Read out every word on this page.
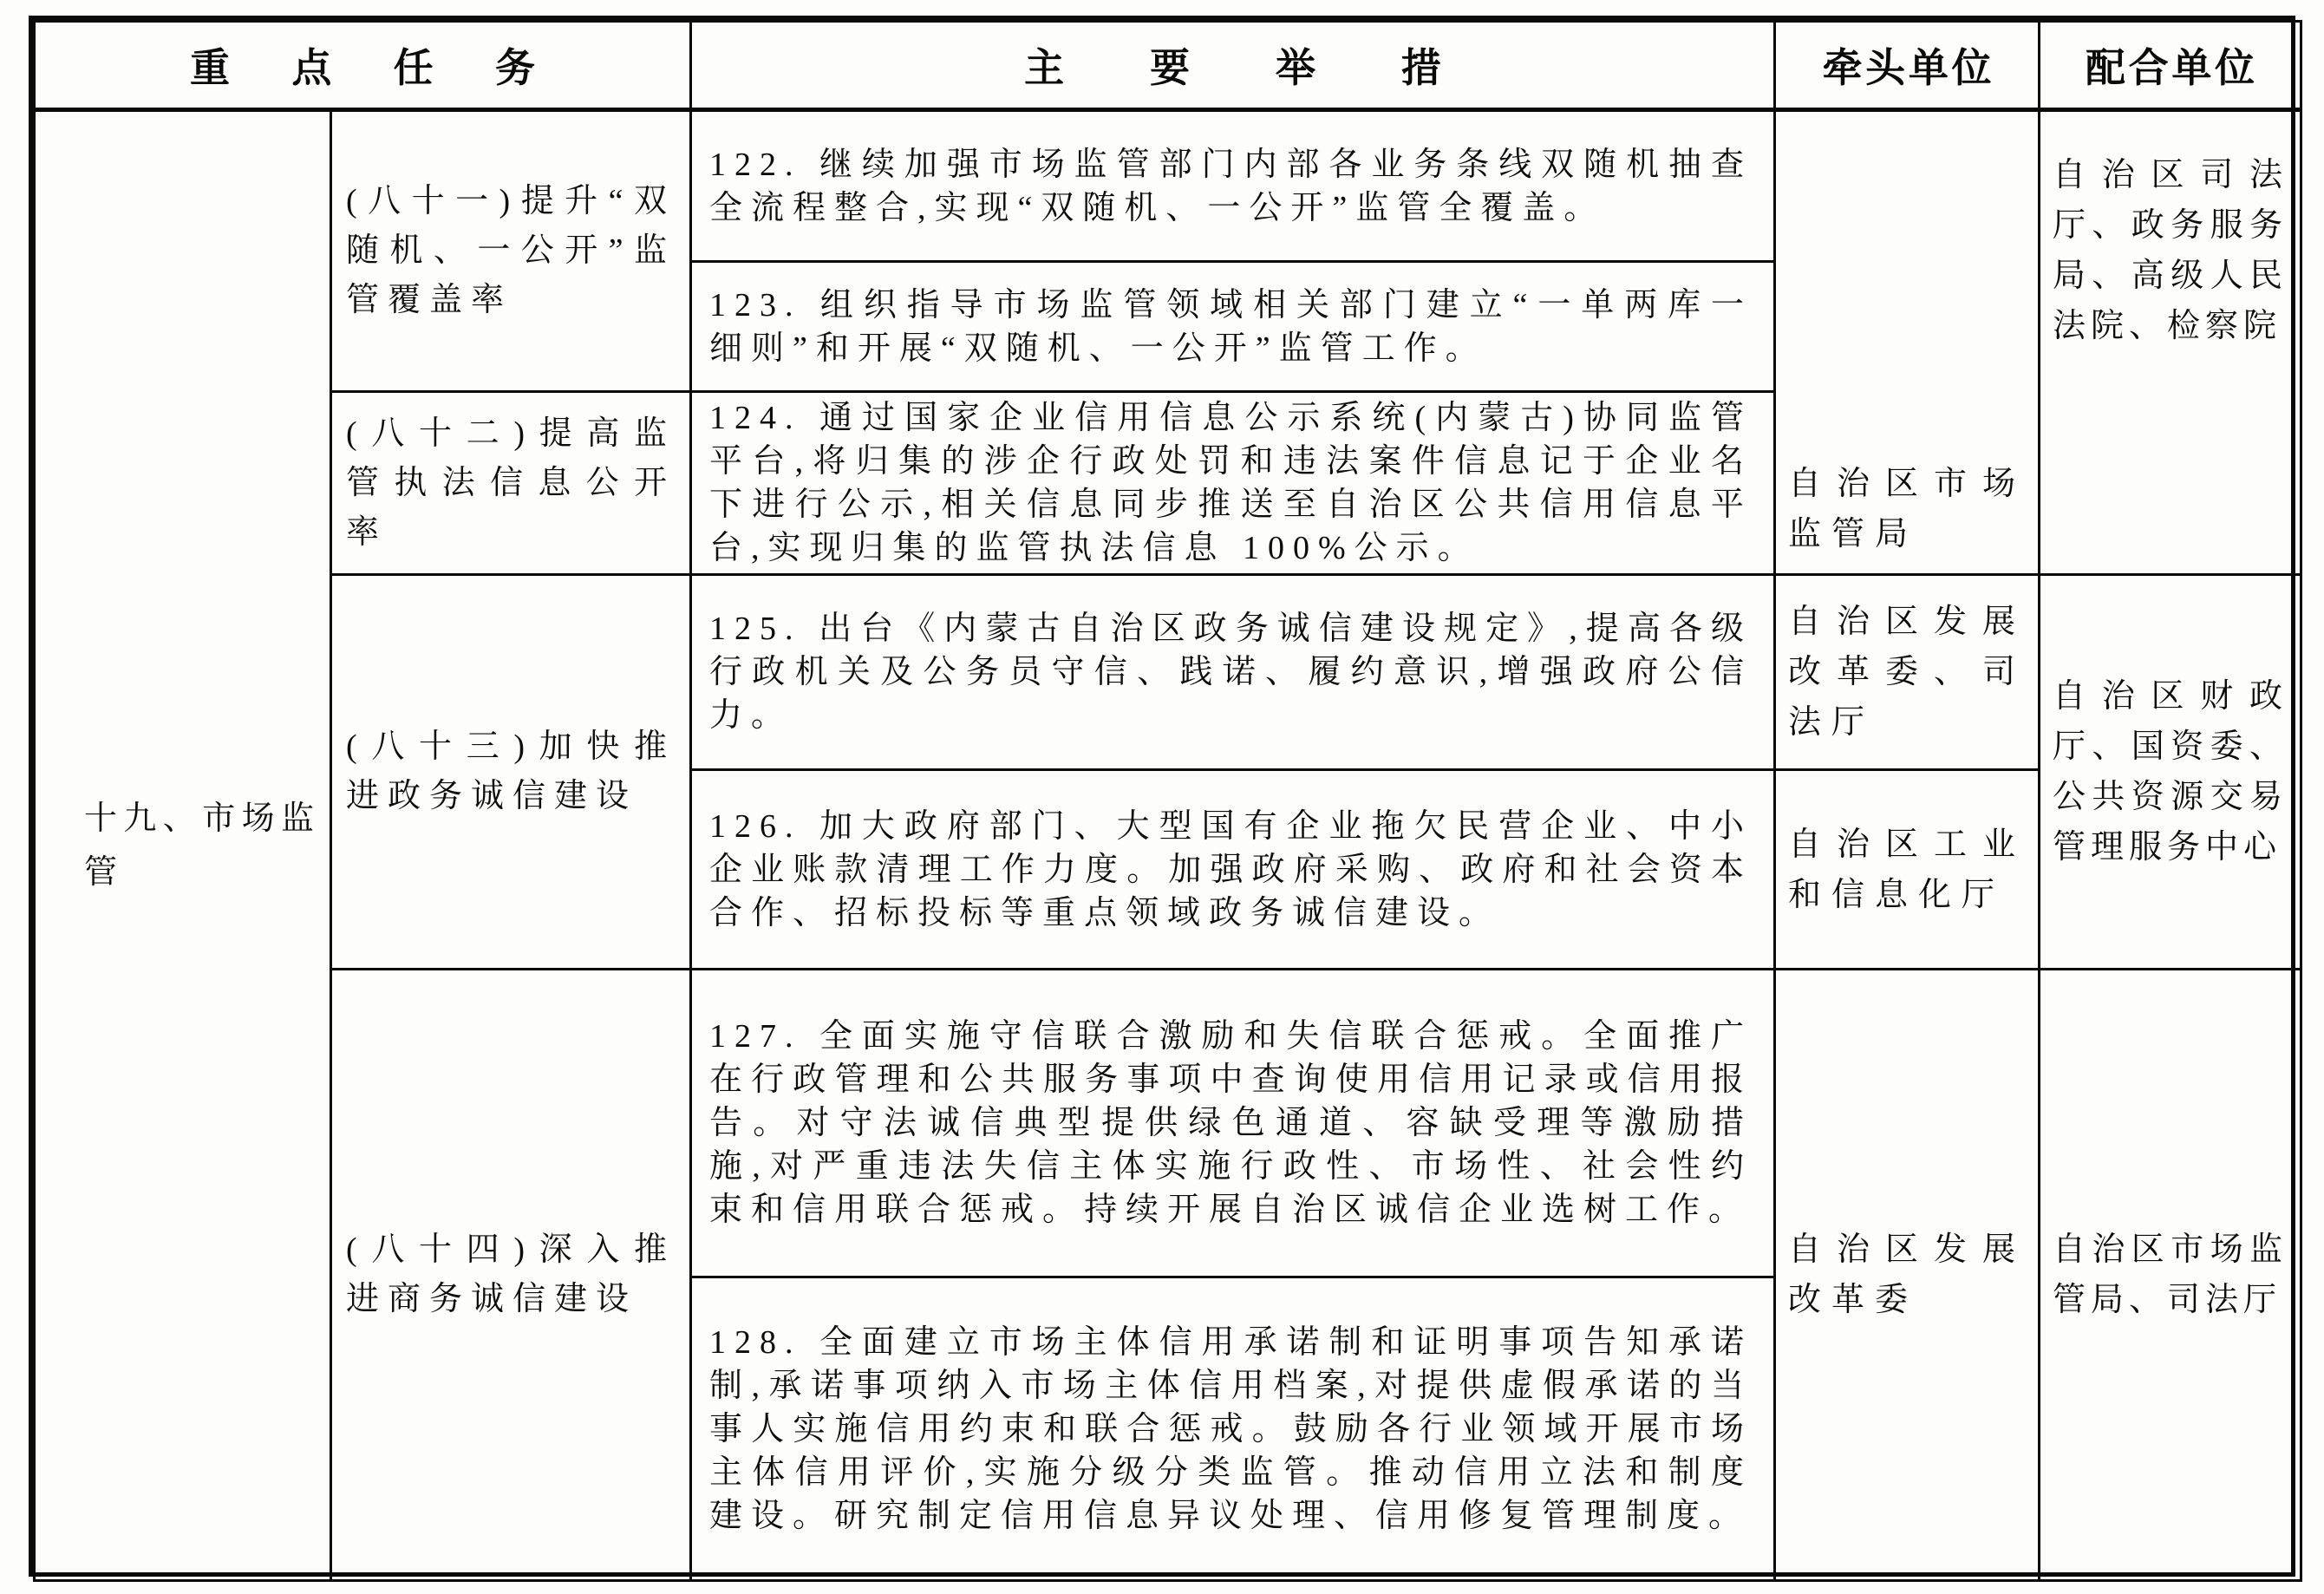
重点任务		主要举措	牵头单位	配合单位
十九、市场监管	(八十一)提升“双随机、一公开”监管覆盖率	122. 继续加强市场监管部门内部各业务条线双随机抽查全流程整合,实现“双随机、一公开”监管全覆盖。	自治区市场监管局	自治区司法厅、政务服务局、高级人民法院、检察院
		123. 组织指导市场监管领域相关部门建立“一单两库一细则”和开展“双随机、一公开”监管工作。		
	(八十二)提高监管执法信息公开率	124. 通过国家企业信用信息公示系统(内蒙古)协同监管平台,将归集的涉企行政处罚和违法案件信息记于企业名下进行公示,相关信息同步推送至自治区公共信用信息平台,实现归集的监管执法信息 100%公示。		
	(八十三)加快推进政务诚信建设	125. 出台《内蒙古自治区政务诚信建设规定》,提高各级行政机关及公务员守信、践诺、履约意识,增强政府公信力。	自治区发展改革委、司法厅	自治区财政厅、国资委、公共资源交易管理服务中心
		126. 加大政府部门、大型国有企业拖欠民营企业、中小企业账款清理工作力度。加强政府采购、政府和社会资本合作、招标投标等重点领域政务诚信建设。	自治区工业和信息化厅	
	(八十四)深入推进商务诚信建设	127. 全面实施守信联合激励和失信联合惩戒。全面推广在行政管理和公共服务事项中查询使用信用记录或信用报告。对守法诚信典型提供绿色通道、容缺受理等激励措施,对严重违法失信主体实施行政性、市场性、社会性约束和信用联合惩戒。持续开展自治区诚信企业选树工作。	自治区发展改革委	自治区市场监管局、司法厅
		128. 全面建立市场主体信用承诺制和证明事项告知承诺制,承诺事项纳入市场主体信用档案,对提供虚假承诺的当事人实施信用约束和联合惩戒。鼓励各行业领域开展市场主体信用评价,实施分级分类监管。推动信用立法和制度建设。研究制定信用信息异议处理、信用修复管理制度。		
